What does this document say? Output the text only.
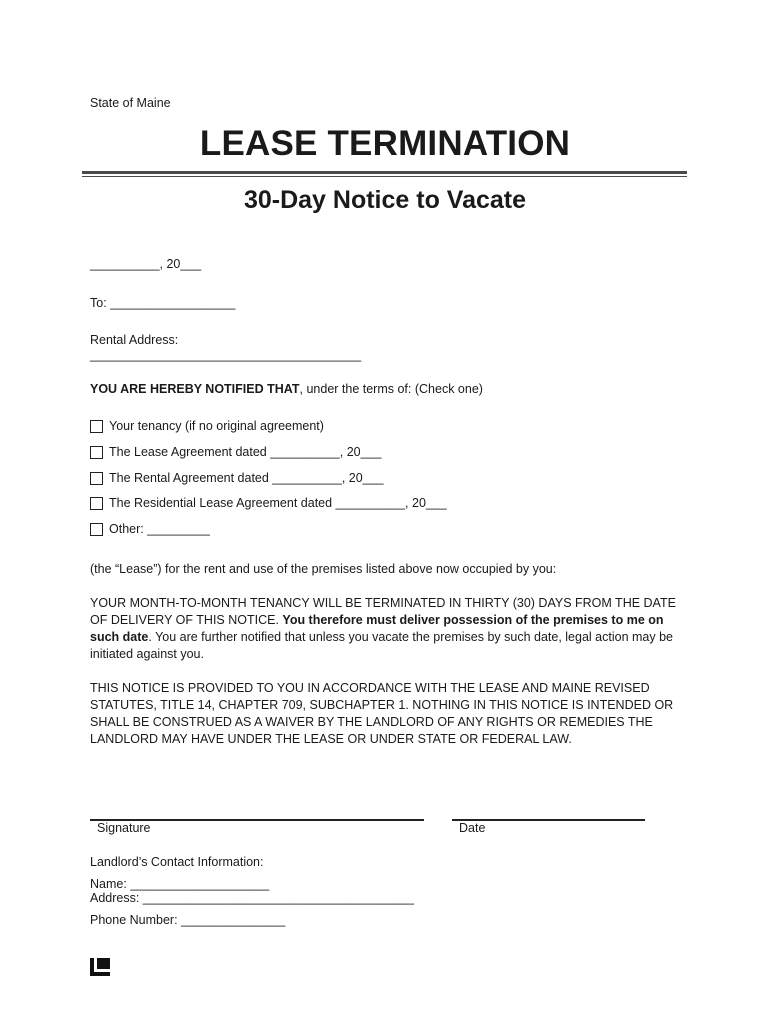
State of Maine
LEASE TERMINATION
30-Day Notice to Vacate
__________, 20___
To: __________________
Rental Address:
_______________________________________
YOU ARE HEREBY NOTIFIED THAT, under the terms of: (Check one)
Your tenancy (if no original agreement)
The Lease Agreement dated __________, 20___
The Rental Agreement dated __________, 20___
The Residential Lease Agreement dated __________, 20___
Other: _________
(the “Lease”) for the rent and use of the premises listed above now occupied by you:
YOUR MONTH-TO-MONTH TENANCY WILL BE TERMINATED IN THIRTY (30) DAYS FROM THE DATE OF DELIVERY OF THIS NOTICE. You therefore must deliver possession of the premises to me on such date. You are further notified that unless you vacate the premises by such date, legal action may be initiated against you.
THIS NOTICE IS PROVIDED TO YOU IN ACCORDANCE WITH THE LEASE AND MAINE REVISED STATUTES, TITLE 14, CHAPTER 709, SUBCHAPTER 1. NOTHING IN THIS NOTICE IS INTENDED OR SHALL BE CONSTRUED AS A WAIVER BY THE LANDLORD OF ANY RIGHTS OR REMEDIES THE LANDLORD MAY HAVE UNDER THE LEASE OR UNDER STATE OR FEDERAL LAW.
Signature	Date
Landlord’s Contact Information:
Name: ____________________
Address: _______________________________________
Phone Number: _______________
